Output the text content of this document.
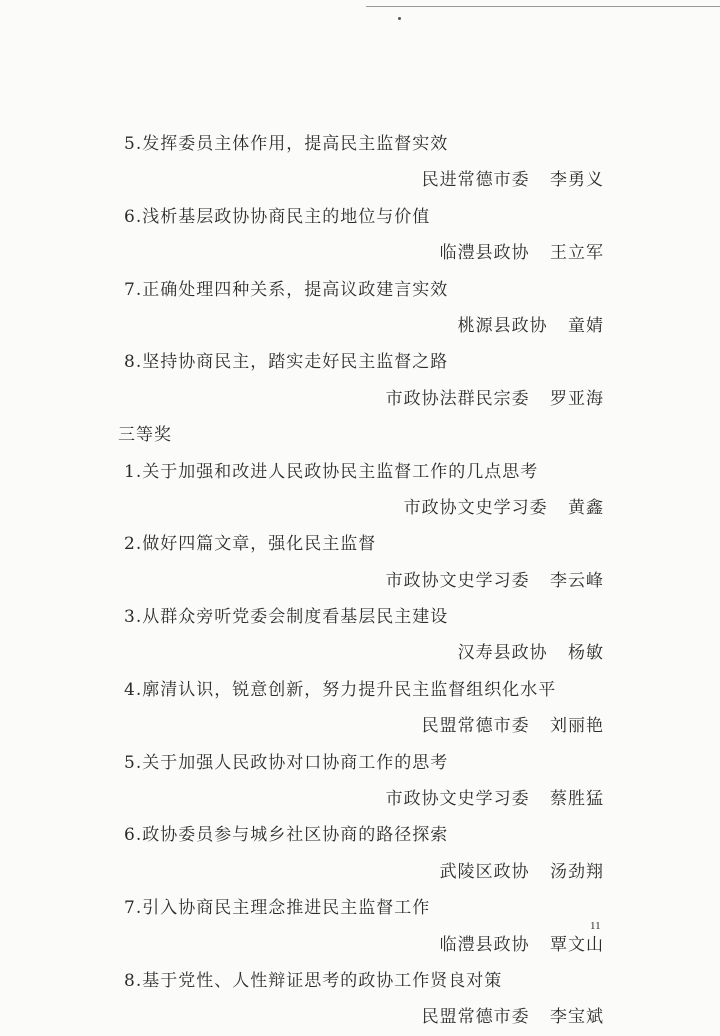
5.发挥委员主体作用，提高民主监督实效
民进常德市委 李勇义
6.浅析基层政协协商民主的地位与价值
临澧县政协 王立军
7.正确处理四种关系，提高议政建言实效
桃源县政协 童婧
8.坚持协商民主，踏实走好民主监督之路
市政协法群民宗委 罗亚海
三等奖
1.关于加强和改进人民政协民主监督工作的几点思考
市政协文史学习委 黄鑫
2.做好四篇文章，强化民主监督
市政协文史学习委 李云峰
3.从群众旁听党委会制度看基层民主建设
汉寿县政协 杨敏
4.廓清认识，锐意创新，努力提升民主监督组织化水平
民盟常德市委 刘丽艳
5.关于加强人民政协对口协商工作的思考
市政协文史学习委 蔡胜猛
6.政协委员参与城乡社区协商的路径探索
武陵区政协 汤劲翔
7.引入协商民主理念推进民主监督工作
临澧县政协 覃文山
8.基于党性、人性辩证思考的政协工作贤良对策
民盟常德市委 李宝斌
11
